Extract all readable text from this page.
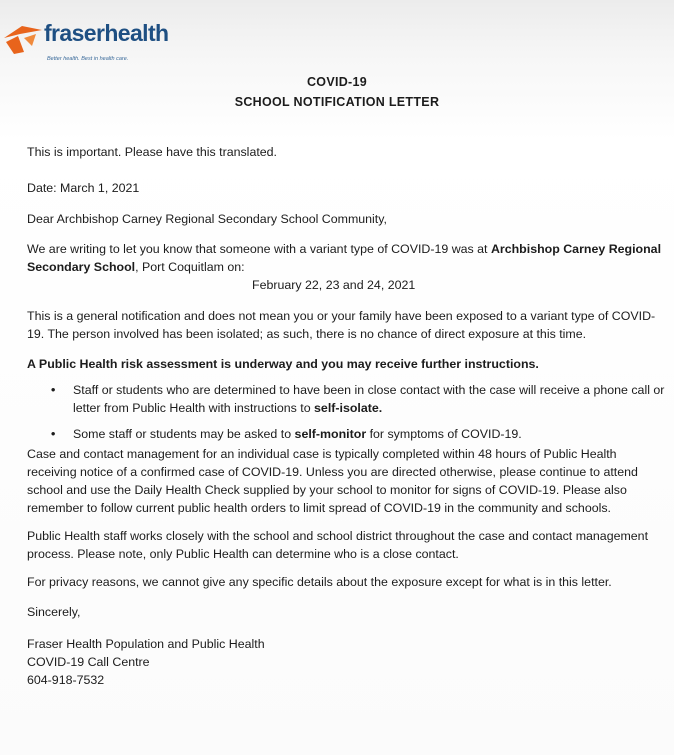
fraserhealth
Better health. Best in health care.
COVID-19
SCHOOL NOTIFICATION LETTER

This is important. Please have this translated.

Date: March 1, 2021

Dear Archbishop Carney Regional Secondary School Community,

We are writing to let you know that someone with a variant type of COVID-19 was at Archbishop Carney Regional Secondary School, Port Coquitlam on:

February 22, 23 and 24, 2021

This is a general notification and does not mean you or your family have been exposed to a variant type of COVID-19. The person involved has been isolated; as such, there is no chance of direct exposure at this time.

A Public Health risk assessment is underway and you may receive further instructions.

• Staff or students who are determined to have been in close contact with the case will receive a phone call or letter from Public Health with instructions to self-isolate.
• Some staff or students may be asked to self-monitor for symptoms of COVID-19.

Case and contact management for an individual case is typically completed within 48 hours of Public Health receiving notice of a confirmed case of COVID-19. Unless you are directed otherwise, please continue to attend school and use the Daily Health Check supplied by your school to monitor for signs of COVID-19. Please also remember to follow current public health orders to limit spread of COVID-19 in the community and schools.

Public Health staff works closely with the school and school district throughout the case and contact management process. Please note, only Public Health can determine who is a close contact.

For privacy reasons, we cannot give any specific details about the exposure except for what is in this letter.

Sincerely,

Fraser Health Population and Public Health

COVID-19 Call Centre

604-918-7532
